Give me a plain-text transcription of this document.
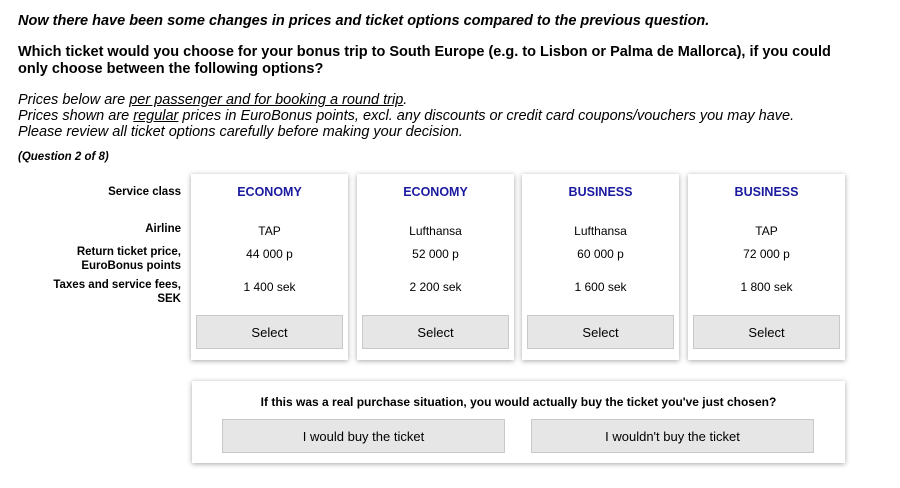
Now there have been some changes in prices and ticket options compared to the previous question.
Which ticket would you choose for your bonus trip to South Europe (e.g. to Lisbon or Palma de Mallorca), if you could only choose between the following options?
Prices below are per passenger and for booking a round trip.
Prices shown are regular prices in EuroBonus points, excl. any discounts or credit card coupons/vouchers you may have.
Please review all ticket options carefully before making your decision.
(Question 2 of 8)
Service class
Airline
Return ticket price,
EuroBonus points
Taxes and service fees,
SEK
ECONOMY
TAP
44 000 p
1 400 sek
Select
ECONOMY
Lufthansa
52 000 p
2 200 sek
Select
BUSINESS
Lufthansa
60 000 p
1 600 sek
Select
BUSINESS
TAP
72 000 p
1 800 sek
Select
If this was a real purchase situation, you would actually buy the ticket you've just chosen?
I would buy the ticket	I wouldn't buy the ticket
